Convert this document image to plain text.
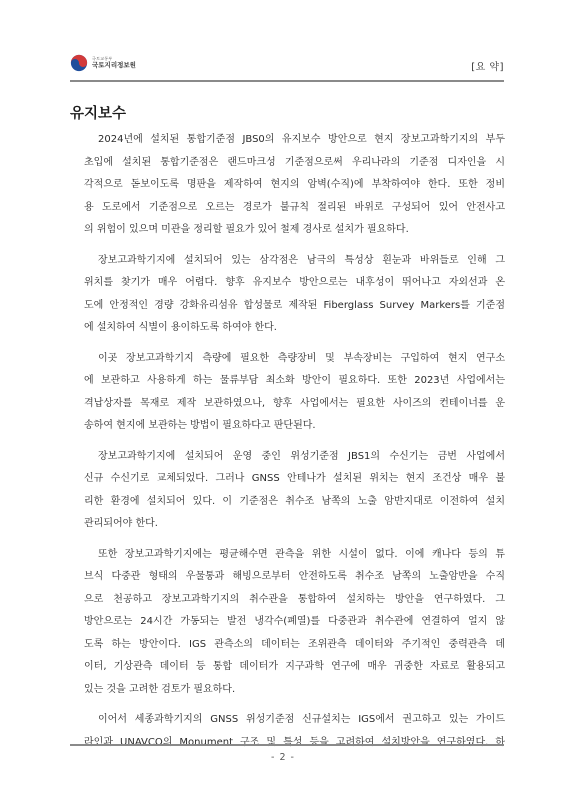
국토교통부
국토지리정보원	[요 약]
유지보수
2024년에 설치된 통합기준점 JBS0의 유지보수 방안으로 현지 장보고과학기지의 부두
초입에 설치된 통합기준점은 랜드마크성 기준점으로써 우리나라의 기준점 디자인을 시
각적으로 돋보이도록 명판을 제작하여 현지의 암벽(수직)에 부착하여야 한다. 또한 정비
용 도로에서 기준점으로 오르는 경로가 불규칙 절리된 바위로 구성되어 있어 안전사고
의 위험이 있으며 미관을 정리할 필요가 있어 철제 경사로 설치가 필요하다.
장보고과학기지에 설치되어 있는 삼각점은 남극의 특성상 흰눈과 바위들로 인해 그
위치를 찾기가 매우 어렵다. 향후 유지보수 방안으로는 내후성이 뛰어나고 자외선과 온
도에 안정적인 경량 강화유리섬유 합성물로 제작된 Fiberglass Survey Markers를 기준점
에 설치하여 식별이 용이하도록 하여야 한다.
이곳 장보고과학기지 측량에 필요한 측량장비 및 부속장비는 구입하여 현지 연구소
에 보관하고 사용하게 하는 물류부담 최소화 방안이 필요하다. 또한 2023년 사업에서는
격납상자를 목재로 제작 보관하였으나, 향후 사업에서는 필요한 사이즈의 컨테이너를 운
송하여 현지에 보관하는 방법이 필요하다고 판단된다.
장보고과학기지에 설치되어 운영 중인 위성기준점 JBS1의 수신기는 금번 사업에서
신규 수신기로 교체되었다. 그러나 GNSS 안테나가 설치된 위치는 현지 조건상 매우 불
리한 환경에 설치되어 있다. 이 기준점은 취수조 남쪽의 노출 암반지대로 이전하여 설치
관리되어야 한다.
또한 장보고과학기지에는 평균해수면 관측을 위한 시설이 없다. 이에 캐나다 등의 튜
브식 다중관 형태의 우물통과 해빙으로부터 안전하도록 취수조 남쪽의 노출암반을 수직
으로 천공하고 장보고과학기지의 취수관을 통합하여 설치하는 방안을 연구하였다. 그
방안으로는 24시간 가동되는 발전 냉각수(폐열)를 다중관과 취수관에 연결하여 얼지 않
도록 하는 방안이다. IGS 관측소의 데이터는 조위관측 데이터와 주기적인 중력관측 데
이터, 기상관측 데이터 등 통합 데이터가 지구과학 연구에 매우 귀중한 자료로 활용되고
있는 것을 고려한 검토가 필요하다.
이어서 세종과학기지의 GNSS 위성기준점 신규설치는 IGS에서 권고하고 있는 가이드
라인과 UNAVCO의 Monument 구조 및 특성 등을 고려하여 설치방안을 연구하였다. 하
- 2 -
